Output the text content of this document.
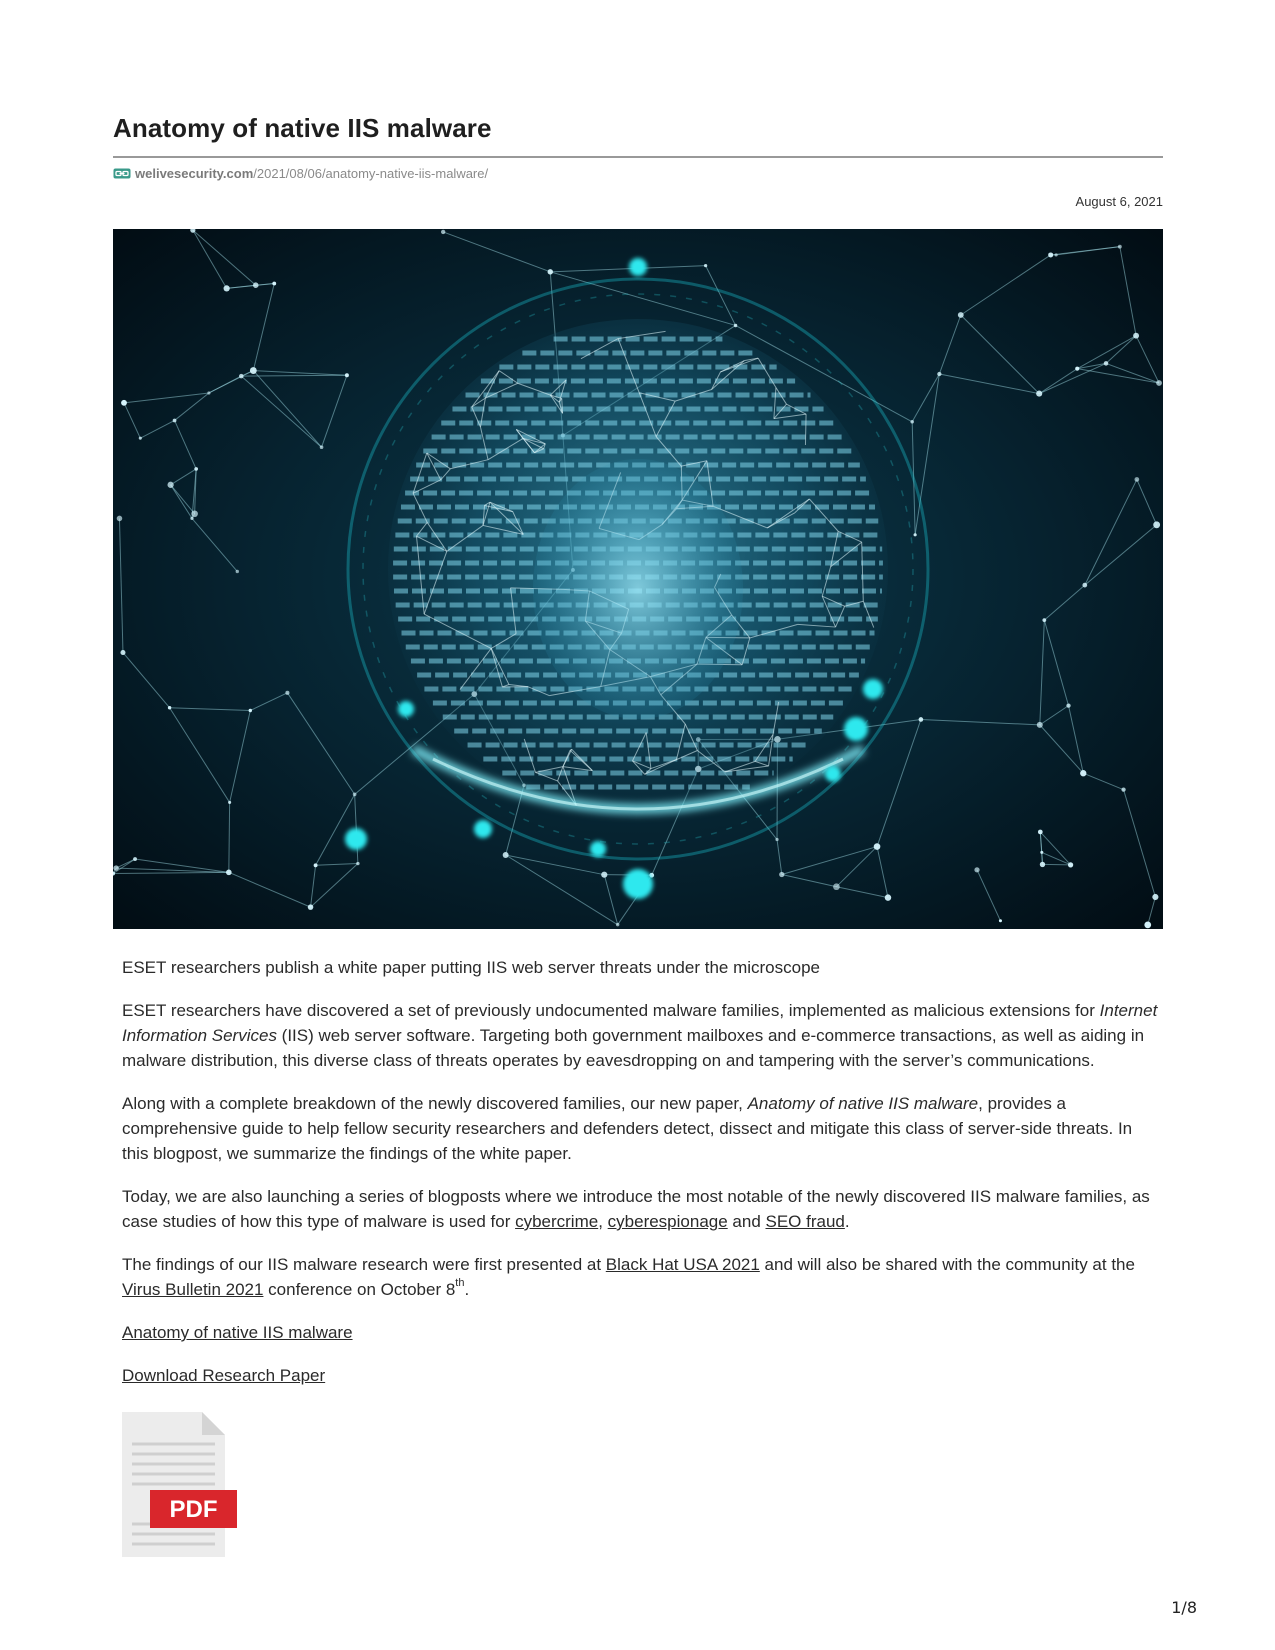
Anatomy of native IIS malware
welivesecurity.com /2021/08/06/anatomy-native-iis-malware/
August 6, 2021

ESET researchers publish a white paper putting IIS web server threats under the microscope

ESET researchers have discovered a set of previously undocumented malware families, implemented as malicious extensions for Internet Information Services (IIS) web server software. Targeting both government mailboxes and e-commerce transactions, as well as aiding in malware distribution, this diverse class of threats operates by eavesdropping on and tampering with the server’s communications.

Along with a complete breakdown of the newly discovered families, our new paper, Anatomy of native IIS malware, provides a comprehensive guide to help fellow security researchers and defenders detect, dissect and mitigate this class of server-side threats. In this blogpost, we summarize the findings of the white paper.

Today, we are also launching a series of blogposts where we introduce the most notable of the newly discovered IIS malware families, as case studies of how this type of malware is used for cybercrime, cyberespionage and SEO fraud.

The findings of our IIS malware research were first presented at Black Hat USA 2021 and will also be shared with the community at the Virus Bulletin 2021 conference on October 8th.

Anatomy of native IIS malware

Download Research Paper

PDF
1/8
